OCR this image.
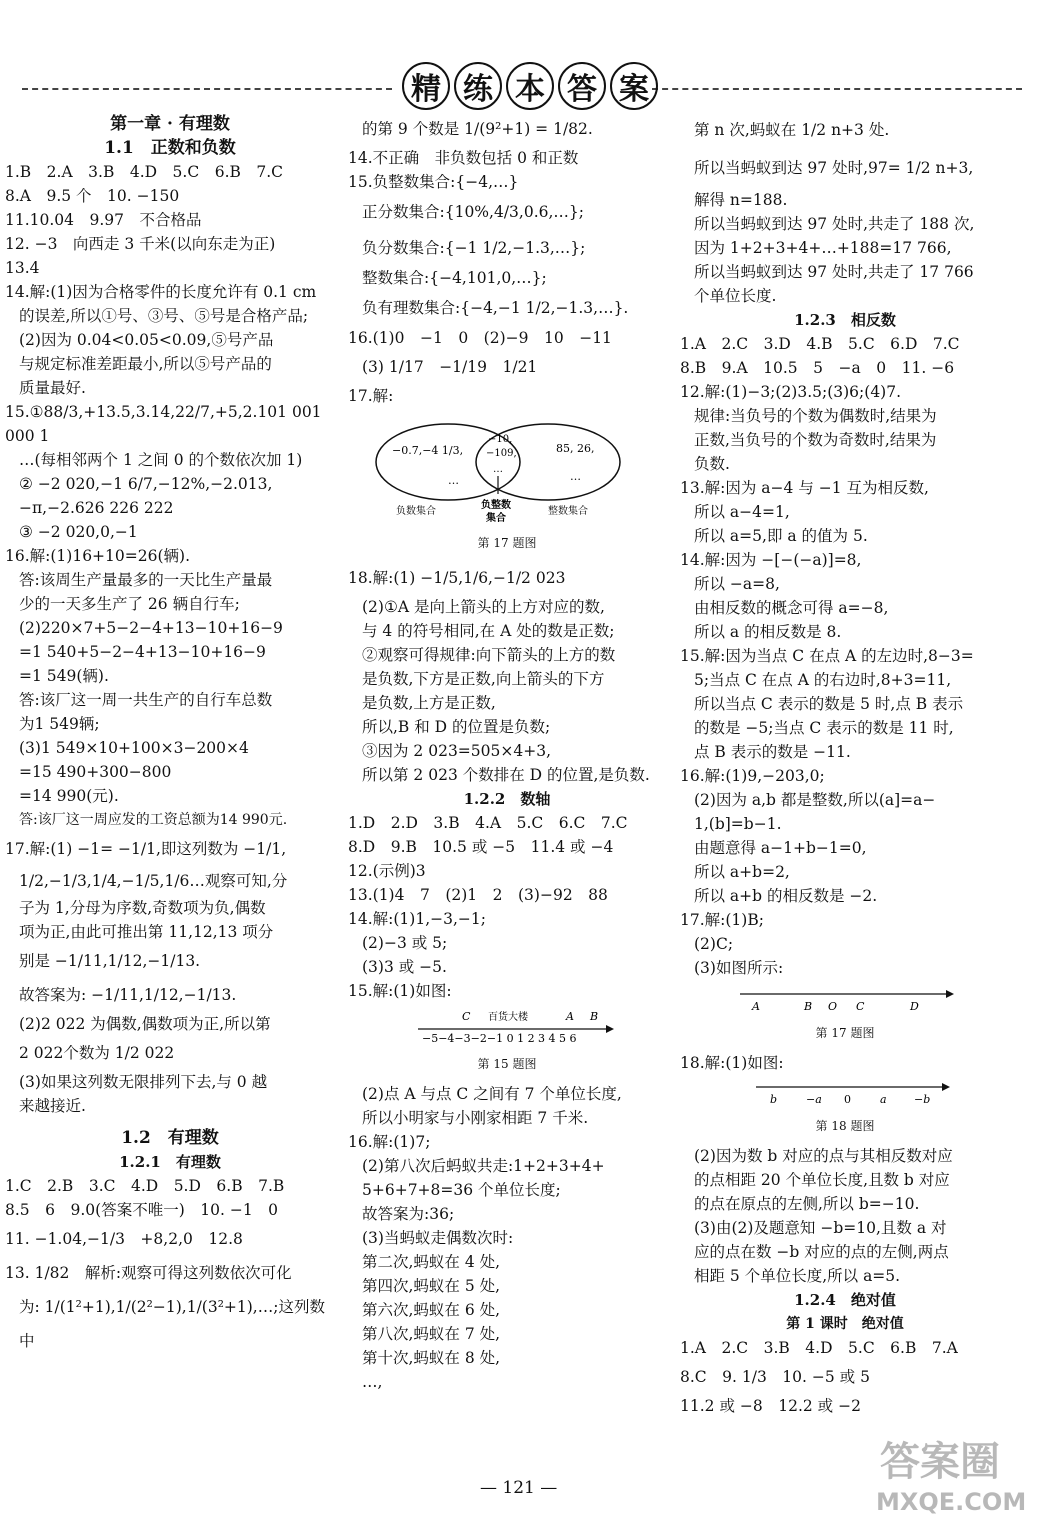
精 练 本 答 案

第一章 · 有理数

1.1　正数和负数

1.B　2.A　3.B　4.D　5.C　6.B　7.C

8.A　9.5 个　10. −150

11.10.04　9.97　不合格品

12. −3　向西走 3 千米(以向东走为正)

13.4

14.解:(1)因为合格零件的长度允许有 0.1 cm

的误差,所以①号、③号、⑤号是合格产品;

(2)因为 0.04<0.05<0.09,⑤号产品

与规定标准差距最小,所以⑤号产品的

质量最好.

15.①88/3,+13.5,3.14,22/7,+5,2.101 001 000 1

…(每相邻两个 1 之间 0 的个数依次加 1)

② −2 020,−1 6/7,−12%,−2.013,

−π,−2.626 226 222

③ −2 020,0,−1

16.解:(1)16+10=26(辆).

答:该周生产量最多的一天比生产量最

少的一天多生产了 26 辆自行车;

(2)220×7+5−2−4+13−10+16−9

=1 540+5−2−4+13−10+16−9

=1 549(辆).

答:该厂这一周一共生产的自行车总数

为1 549辆;

(3)1 549×10+100×3−200×4

=15 490+300−800

=14 990(元).

答:该厂这一周应发的工资总额为14 990元.

17.解:(1) −1= −1/1,即这列数为 −1/1,

1/2,−1/3,1/4,−1/5,1/6…观察可知,分

子为 1,分母为序数,奇数项为负,偶数

项为正,由此可推出第 11,12,13 项分

别是 −1/11,1/12,−1/13.

故答案为: −1/11,1/12,−1/13.

(2)2 022 为偶数,偶数项为正,所以第

2 022个数为 1/2 022

(3)如果这列数无限排列下去,与 0 越

来越接近.

1.2　有理数

1.2.1　有理数

1.C　2.B　3.C　4.D　5.D　6.B　7.B

8.5　6　9.0(答案不唯一)　10. −1　0

11. −1.04,−1/3　+8,2,0　12.8

13. 1/82　解析:观察可得这列数依次可化

为: 1/(1²+1),1/(2²−1),1/(3²+1),…;这列数中

的第 9 个数是 1/(9²+1) = 1/82.

14.不正确　非负数包括 0 和正数

15.负整数集合:{−4,…}

正分数集合:{10%,4/3,0.6,…};

负分数集合:{−1 1/2,−1.3,…};

整数集合:{−4,101,0,…};

负有理数集合:{−4,−1 1/2,−1.3,…}.

16.(1)0　−1　0　(2)−9　10　−11

(3) 1/17　−1/19　1/21

17.解:

−0.7,−4 1/3,
…
−10,
−109,
…
85, 26,
…
负数集合
负整数
集合
整数集合

第 17 题图

18.解:(1) −1/5,1/6,−1/2 023

(2)①A 是向上箭头的上方对应的数,

与 4 的符号相同,在 A 处的数是正数;

②观察可得规律:向下箭头的上方的数

是负数,下方是正数,向上箭头的下方

是负数,上方是正数,

所以,B 和 D 的位置是负数;

③因为 2 023=505×4+3,

所以第 2 023 个数排在 D 的位置,是负数.

1.2.2　数轴

1.D　2.D　3.B　4.A　5.C　6.C　7.C

8.D　9.B　10.5 或 −5　11.4 或 −4

12.(示例)3

13.(1)4　7　(2)1　2　(3)−92　88

14.解:(1)1,−3,−1;

(2)−3 或 5;

(3)3 或 −5.

15.解:(1)如图:

C 百货大楼	A B
−5−4−3−2−1 0 1 2 3 4 5 6

第 15 题图

(2)点 A 与点 C 之间有 7 个单位长度,

所以小明家与小刚家相距 7 千米.

16.解:(1)7;

(2)第八次后蚂蚁共走:1+2+3+4+

5+6+7+8=36 个单位长度;

故答案为:36;

(3)当蚂蚁走偶数次时:

第二次,蚂蚁在 4 处,

第四次,蚂蚁在 5 处,

第六次,蚂蚁在 6 处,

第八次,蚂蚁在 7 处,

第十次,蚂蚁在 8 处,

…,

第 n 次,蚂蚁在 1/2 n+3 处.

所以当蚂蚁到达 97 处时,97= 1/2 n+3,

解得 n=188.

所以当蚂蚁到达 97 处时,共走了 188 次,

因为 1+2+3+4+…+188=17 766,

所以当蚂蚁到达 97 处时,共走了 17 766

个单位长度.

1.2.3　相反数

1.A　2.C　3.D　4.B　5.C　6.D　7.C

8.B　9.A　10.5　5　−a　0　11. −6

12.解:(1)−3;(2)3.5;(3)6;(4)7.

规律:当负号的个数为偶数时,结果为

正数,当负号的个数为奇数时,结果为

负数.

13.解:因为 a−4 与 −1 互为相反数,

所以 a−4=1,

所以 a=5,即 a 的值为 5.

14.解:因为 −[−(−a)]=8,

所以 −a=8,

由相反数的概念可得 a=−8,

所以 a 的相反数是 8.

15.解:因为当点 C 在点 A 的左边时,8−3=

5;当点 C 在点 A 的右边时,8+3=11,

所以当点 C 表示的数是 5 时,点 B 表示

的数是 −5;当点 C 表示的数是 11 时,

点 B 表示的数是 −11.

16.解:(1)9,−203,0;

(2)因为 a,b 都是整数,所以(a]=a−

1,(b]=b−1.

由题意得 a−1+b−1=0,

所以 a+b=2,

所以 a+b 的相反数是 −2.

17.解:(1)B;

(2)C;

(3)如图所示:

A	B O C	D

第 17 题图

18.解:(1)如图:

b	−a 0	a −b

第 18 题图

(2)因为数 b 对应的点与其相反数对应

的点相距 20 个单位长度,且数 b 对应

的点在原点的左侧,所以 b=−10.

(3)由(2)及题意知 −b=10,且数 a 对

应的点在数 −b 对应的点的左侧,两点

相距 5 个单位长度,所以 a=5.

1.2.4　绝对值

第 1 课时　绝对值

1.A　2.C　3.B　4.D　5.C　6.B　7.A

8.C　9. 1/3　10. −5 或 5

11.2 或 −8　12.2 或 −2

— 121 —
答案圈
MXQE.COM
